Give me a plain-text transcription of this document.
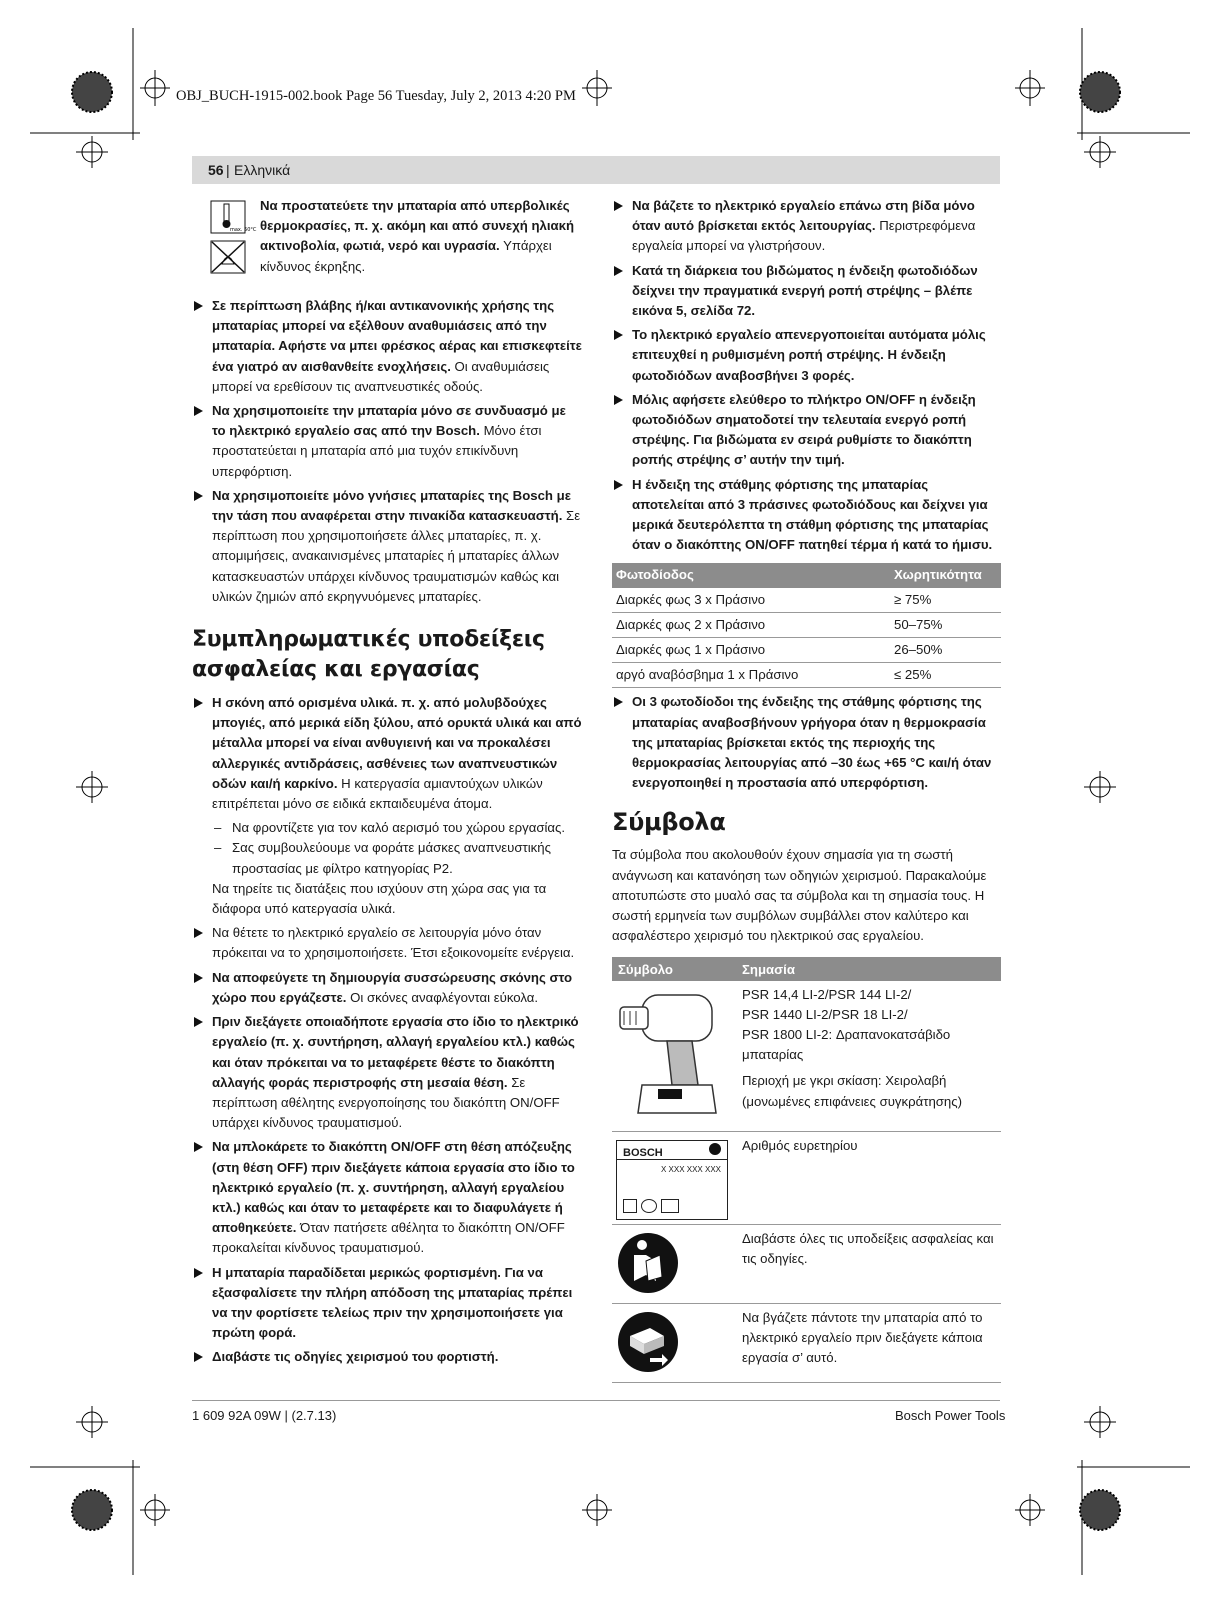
OBJ_BUCH-1915-002.book Page 56 Tuesday, July 2, 2013 4:20 PM
56 | Ελληνικά
max. 50°C
Να προστατεύετε την μπαταρία από υπερβολικές θερμοκρασίες, π. χ. ακόμη και από συνεχή ηλιακή ακτινοβολία, φωτιά, νερό και υγρασία. Υπάρχει κίνδυνος έκρηξης.
Σε περίπτωση βλάβης ή/και αντικανονικής χρήσης της μπαταρίας μπορεί να εξέλθουν αναθυμιάσεις από την μπαταρία. Αφήστε να μπει φρέσκος αέρας και επισκεφτείτε ένα γιατρό αν αισθανθείτε ενοχλήσεις. Οι αναθυμιάσεις μπορεί να ερεθίσουν τις αναπνευστικές οδούς.
Να χρησιμοποιείτε την μπαταρία μόνο σε συνδυασμό με το ηλεκτρικό εργαλείο σας από την Bosch. Μόνο έτσι προστατεύεται η μπαταρία από μια τυχόν επικίνδυνη υπερφόρτιση.
Να χρησιμοποιείτε μόνο γνήσιες μπαταρίες της Bosch με την τάση που αναφέρεται στην πινακίδα κατασκευαστή. Σε περίπτωση που χρησιμοποιήσετε άλλες μπαταρίες, π. χ. απομιμήσεις, ανακαινισμένες μπαταρίες ή μπαταρίες άλλων κατασκευαστών υπάρχει κίνδυνος τραυματισμών καθώς και υλικών ζημιών από εκρηγνυόμενες μπαταρίες.
Συμπληρωματικές υποδείξεις ασφαλείας και εργασίας
Η σκόνη από ορισμένα υλικά. π. χ. από μολυβδούχες μπογιές, από μερικά είδη ξύλου, από ορυκτά υλικά και από μέταλλα μπορεί να είναι ανθυγιεινή και να προκαλέσει αλλεργικές αντιδράσεις, ασθένειες των αναπνευστικών οδών και/ή καρκίνο. Η κατεργασία αμιαντούχων υλικών επιτρέπεται μόνο σε ειδικά εκπαιδευμένα άτομα.
– Να φροντίζετε για τον καλό αερισμό του χώρου εργασίας.
– Σας συμβουλεύουμε να φοράτε μάσκες αναπνευστικής προστασίας με φίλτρο κατηγορίας P2.
Να τηρείτε τις διατάξεις που ισχύουν στη χώρα σας για τα διάφορα υπό κατεργασία υλικά.
Να θέτετε το ηλεκτρικό εργαλείο σε λειτουργία μόνο όταν πρόκειται να το χρησιμοποιήσετε. Έτσι εξοικονομείτε ενέργεια.
Να αποφεύγετε τη δημιουργία συσσώρευσης σκόνης στο χώρο που εργάζεστε. Οι σκόνες αναφλέγονται εύκολα.
Πριν διεξάγετε οποιαδήποτε εργασία στο ίδιο το ηλεκτρικό εργαλείο (π. χ. συντήρηση, αλλαγή εργαλείου κτλ.) καθώς και όταν πρόκειται να το μεταφέρετε θέστε το διακόπτη αλλαγής φοράς περιστροφής στη μεσαία θέση. Σε περίπτωση αθέλητης ενεργοποίησης του διακόπτη ON/OFF υπάρχει κίνδυνος τραυματισμού.
Να μπλοκάρετε το διακόπτη ON/OFF στη θέση απόζευξης (στη θέση OFF) πριν διεξάγετε κάποια εργασία στο ίδιο το ηλεκτρικό εργαλείο (π. χ. συντήρηση, αλλαγή εργαλείου κτλ.) καθώς και όταν το μεταφέρετε και το διαφυλάγετε ή αποθηκεύετε. Όταν πατήσετε αθέλητα το διακόπτη ON/OFF προκαλείται κίνδυνος τραυματισμού.
Η μπαταρία παραδίδεται μερικώς φορτισμένη. Για να εξασφαλίσετε την πλήρη απόδοση της μπαταρίας πρέπει να την φορτίσετε τελείως πριν την χρησιμοποιήσετε για πρώτη φορά.
Διαβάστε τις οδηγίες χειρισμού του φορτιστή.
Να βάζετε το ηλεκτρικό εργαλείο επάνω στη βίδα μόνο όταν αυτό βρίσκεται εκτός λειτουργίας. Περιστρεφόμενα εργαλεία μπορεί να γλιστρήσουν.
Κατά τη διάρκεια του βιδώματος η ένδειξη φωτοδιόδων δείχνει την πραγματικά ενεργή ροπή στρέψης – βλέπε εικόνα 5, σελίδα 72.
Το ηλεκτρικό εργαλείο απενεργοποιείται αυτόματα μόλις επιτευχθεί η ρυθμισμένη ροπή στρέψης. Η ένδειξη φωτοδιόδων αναβοσβήνει 3 φορές.
Μόλις αφήσετε ελεύθερο το πλήκτρο ON/OFF η ένδειξη φωτοδιόδων σηματοδοτεί την τελευταία ενεργό ροπή στρέψης. Για βιδώματα εν σειρά ρυθμίστε το διακόπτη ροπής στρέψης σ’ αυτήν την τιμή.
Η ένδειξη της στάθμης φόρτισης της μπαταρίας αποτελείται από 3 πράσινες φωτοδιόδους και δείχνει για μερικά δευτερόλεπτα τη στάθμη φόρτισης της μπαταρίας όταν ο διακόπτης ON/OFF πατηθεί τέρμα ή κατά το ήμισυ.
Φωτοδίοδος	Χωρητικότητα
Διαρκές φως 3 x Πράσινο	≥ 75%
Διαρκές φως 2 x Πράσινο	50–75%
Διαρκές φως 1 x Πράσινο	26–50%
αργό αναβόσβημα 1 x Πράσινο	≤ 25%
Οι 3 φωτοδίοδοι της ένδειξης της στάθμης φόρτισης της μπαταρίας αναβοσβήνουν γρήγορα όταν η θερμοκρασία της μπαταρίας βρίσκεται εκτός της περιοχής της θερμοκρασίας λειτουργίας από –30 έως +65 °C και/ή όταν ενεργοποιηθεί η προστασία από υπερφόρτιση.
Σύμβολα
Τα σύμβολα που ακολουθούν έχουν σημασία για τη σωστή ανάγνωση και κατανόηση των οδηγιών χειρισμού. Παρακαλούμε αποτυπώστε στο μυαλό σας τα σύμβολα και τη σημασία τους. Η σωστή ερμηνεία των συμβόλων συμβάλλει στον καλύτερο και ασφαλέστερο χειρισμό του ηλεκτρικού σας εργαλείου.
Σύμβολο	Σημασία
PSR 14,4 LI-2/PSR 144 LI-2/
PSR 1440 LI-2/PSR 18 LI-2/
PSR 1800 LI-2: Δραπανοκατσάβιδο μπαταρίας
Περιοχή με γκρι σκίαση: Χειρολαβή (μονωμένες επιφάνειες συγκράτησης)
BOSCH
X XXX XXX XXX
Αριθμός ευρετηρίου
Διαβάστε όλες τις υποδείξεις ασφαλείας και τις οδηγίες.
Να βγάζετε πάντοτε την μπαταρία από το ηλεκτρικό εργαλείο πριν διεξάγετε κάποια εργασία σ’ αυτό.
1 609 92A 09W | (2.7.13)	Bosch Power Tools
